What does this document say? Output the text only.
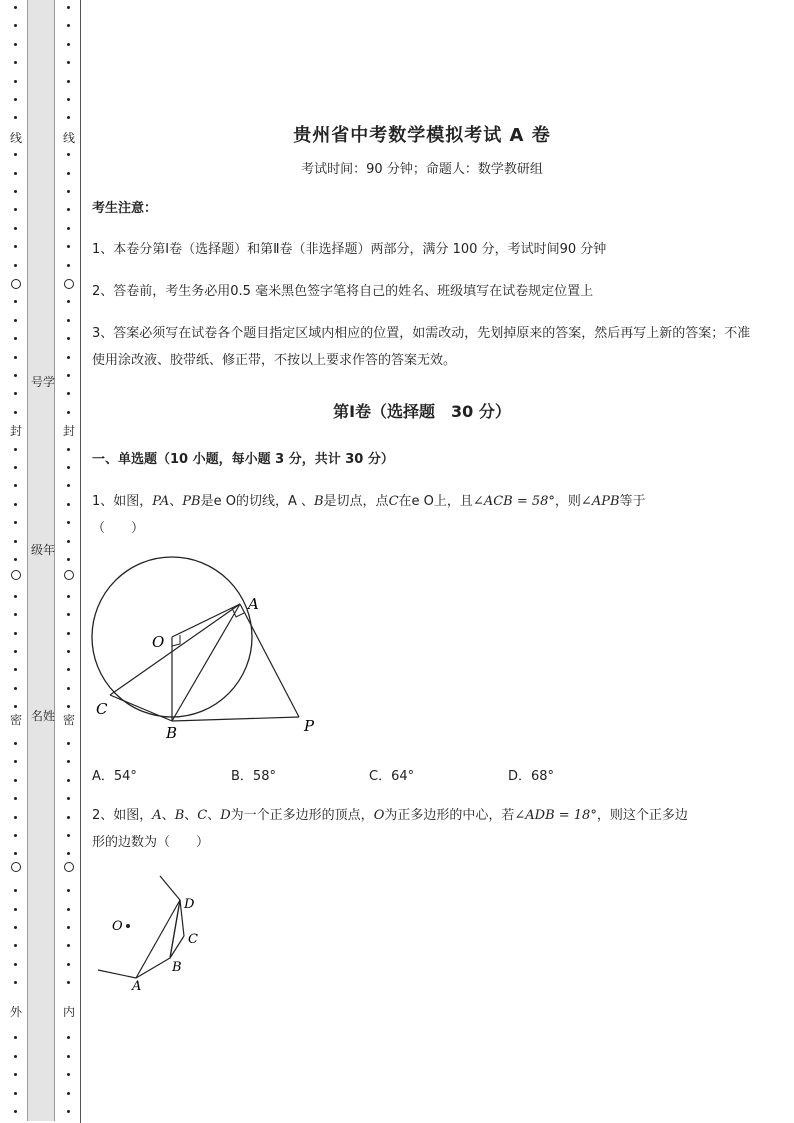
线
封
密
外
线
封
密
内
号学
级年
名姓
贵州省中考数学模拟考试 A 卷
考试时间：90 分钟；命题人：数学教研组
考生注意：
1、本卷分第Ⅰ卷（选择题）和第Ⅱ卷（非选择题）两部分，满分 100 分，考试时间90 分钟
2、答卷前，考生务必用0.5 毫米黑色签字笔将自己的姓名、班级填写在试卷规定位置上
3、答案必须写在试卷各个题目指定区域内相应的位置，如需改动，先划掉原来的答案，然后再写上新的答案；不准使用涂改液、胶带纸、修正带，不按以上要求作答的答案无效。
第Ⅰ卷（选择题　30 分）
一、单选题（10 小题，每小题 3 分，共计 30 分）
1、如图，PA、PB是e O的切线，A 、B是切点，点C在e O上，且∠ACB = 58°，则∠APB等于
（　　）
O
A
B
C
P
A．54°	B．58°	C．64°	D．68°
2、如图，A、B、C、D为一个正多边形的顶点，O为正多边形的中心，若∠ADB = 18°，则这个正多边
形的边数为（　　）
O
D
C
B
A
